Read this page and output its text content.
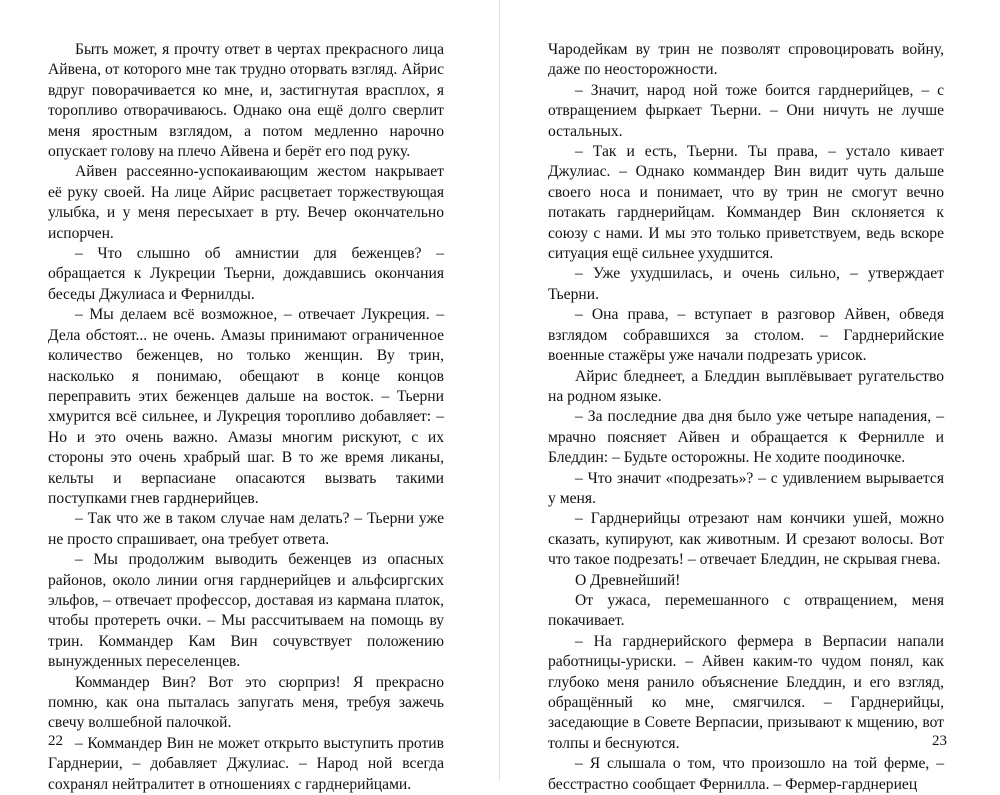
Быть может, я прочту ответ в чертах прекрасного лица Айвена, от которого мне так трудно оторвать взгляд. Айрис вдруг поворачивается ко мне, и, застигнутая врасплох, я торопливо отворачиваюсь. Однако она ещё долго сверлит меня яростным взглядом, а потом медленно нарочно опускает голову на плечо Айвена и берёт его под руку.

Айвен рассеянно-успокаивающим жестом накрывает её руку своей. На лице Айрис расцветает торжествующая улыбка, и у меня пересыхает в рту. Вечер окончательно испорчен.

– Что слышно об амнистии для беженцев? – обращается к Лукреции Тьерни, дождавшись окончания беседы Джулиаса и Фернилды.

– Мы делаем всё возможное, – отвечает Лукреция. – Дела обстоят... не очень. Амазы принимают ограниченное количество беженцев, но только женщин. Ву трин, насколько я понимаю, обещают в конце концов переправить этих беженцев дальше на восток. – Тьерни хмурится всё сильнее, и Лукреция торопливо добавляет: – Но и это очень важно. Амазы многим рискуют, с их стороны это очень храбрый шаг. В то же время ликаны, кельты и верпасиане опасаются вызвать такими поступками гнев гарднерийцев.

– Так что же в таком случае нам делать? – Тьерни уже не просто спрашивает, она требует ответа.

– Мы продолжим выводить беженцев из опасных районов, около линии огня гарднерийцев и альфсиргских эльфов, – отвечает профессор, доставая из кармана платок, чтобы протереть очки. – Мы рассчитываем на помощь ву трин. Коммандер Кам Вин сочувствует положению вынужденных переселенцев.

Коммандер Вин? Вот это сюрприз! Я прекрасно помню, как она пыталась запугать меня, требуя зажечь свечу волшебной палочкой.

– Коммандер Вин не может открыто выступить против Гарднерии, – добавляет Джулиас. – Народ ной всегда сохранял нейтралитет в отношениях с гарднерийцами.

Чародейкам ву трин не позволят спровоцировать войну, даже по неосторожности.

– Значит, народ ной тоже боится гарднерийцев, – с отвращением фыркает Тьерни. – Они ничуть не лучше остальных.

– Так и есть, Тьерни. Ты права, – устало кивает Джулиас. – Однако коммандер Вин видит чуть дальше своего носа и понимает, что ву трин не смогут вечно потакать гарднерийцам. Коммандер Вин склоняется к союзу с нами. И мы это только приветствуем, ведь вскоре ситуация ещё сильнее ухудшится.

– Уже ухудшилась, и очень сильно, – утверждает Тьерни.

– Она права, – вступает в разговор Айвен, обведя взглядом собравшихся за столом. – Гарднерийские военные стажёры уже начали подрезать урисок.

Айрис бледнеет, а Бледдин выплёвывает ругательство на родном языке.

– За последние два дня было уже четыре нападения, – мрачно поясняет Айвен и обращается к Фернилле и Бледдин: – Будьте осторожны. Не ходите поодиночке.

– Что значит «подрезать»? – с удивлением вырывается у меня.

– Гарднерийцы отрезают нам кончики ушей, можно сказать, купируют, как животным. И срезают волосы. Вот что такое подрезать! – отвечает Бледдин, не скрывая гнева.

О Древнейший!

От ужаса, перемешанного с отвращением, меня покачивает.

– На гарднерийского фермера в Верпасии напали работницы-уриски. – Айвен каким-то чудом понял, как глубоко меня ранило объяснение Бледдин, и его взгляд, обращённый ко мне, смягчился. – Гарднерийцы, заседающие в Совете Верпасии, призывают к мщению, вот толпы и беснуются.

– Я слышала о том, что произошло на той ферме, – бесстрастно сообщает Фернилла. – Фермер-гарднериец

22	23
